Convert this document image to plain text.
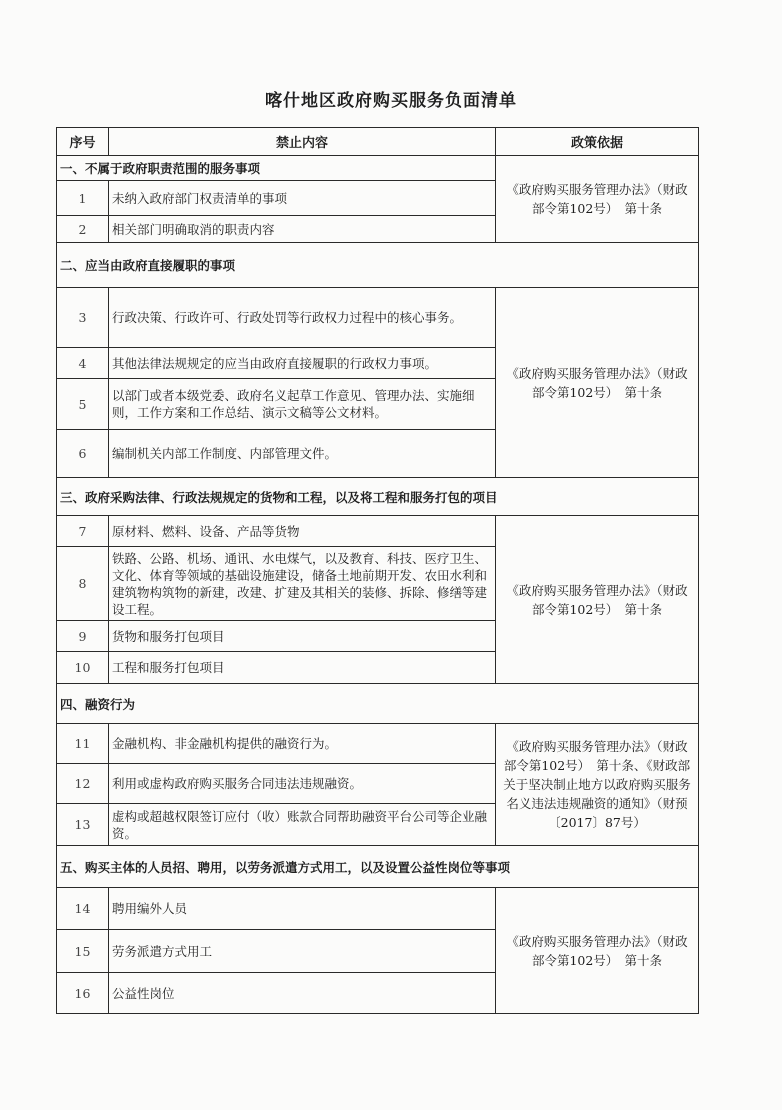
喀什地区政府购买服务负面清单
序号	禁止内容	政策依据
一、不属于政府职责范围的服务事项		《政府购买服务管理办法》（财政部令第102号）　第十条
1	未纳入政府部门权责清单的事项	
2	相关部门明确取消的职责内容	
二、应当由政府直接履职的事项		
3	行政决策、行政许可、行政处罚等行政权力过程中的核心事务。	《政府购买服务管理办法》（财政部令第102号）　第十条
4	其他法律法规规定的应当由政府直接履职的行政权力事项。	
5	以部门或者本级党委、政府名义起草工作意见、管理办法、实施细则，工作方案和工作总结、演示文稿等公文材料。	
6	编制机关内部工作制度、内部管理文件。	
三、政府采购法律、行政法规规定的货物和工程，以及将工程和服务打包的项目		
7	原材料、燃料、设备、产品等货物	《政府购买服务管理办法》（财政部令第102号）　第十条
8	铁路、公路、机场、通讯、水电煤气，以及教育、科技、医疗卫生、文化、体育等领域的基础设施建设，储备土地前期开发、农田水利和建筑物构筑物的新建，改建、扩建及其相关的装修、拆除、修缮等建设工程。	
9	货物和服务打包项目	
10	工程和服务打包项目	
四、融资行为		
11	金融机构、非金融机构提供的融资行为。	《政府购买服务管理办法》（财政部令第102号）　第十条、《财政部关于坚决制止地方以政府购买服务名义违法违规融资的通知》（财预〔2017〕87号）
12	利用或虚构政府购买服务合同违法违规融资。	
13	虚构或超越权限签订应付（收）账款合同帮助融资平台公司等企业融资。	
五、购买主体的人员招、聘用，以劳务派遣方式用工，以及设置公益性岗位等事项		
14	聘用编外人员	《政府购买服务管理办法》（财政部令第102号）　第十条
15	劳务派遣方式用工	
16	公益性岗位	
